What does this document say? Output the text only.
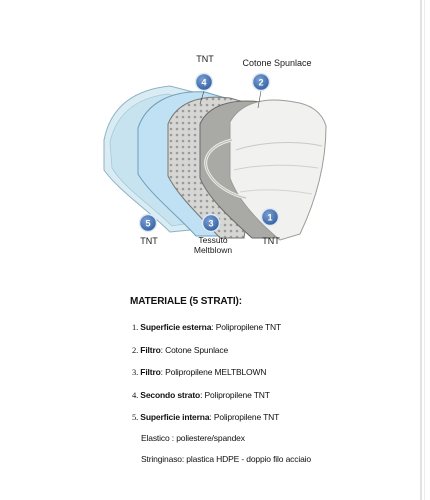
4	2
5	3
1
TNT	Cotone Spunlace
TNT	Tessuto
Meltblown
TNT
MATERIALE (5 STRATI):
1. Superficie esterna: Polipropilene TNT
2. Filtro: Cotone Spunlace
3. Filtro: Polipropilene MELTBLOWN
4. Secondo strato: Polipropilene TNT
5. Superficie interna: Polipropilene TNT
Elastico : poliestere/spandex
Stringinaso: plastica HDPE - doppio filo acciaio
